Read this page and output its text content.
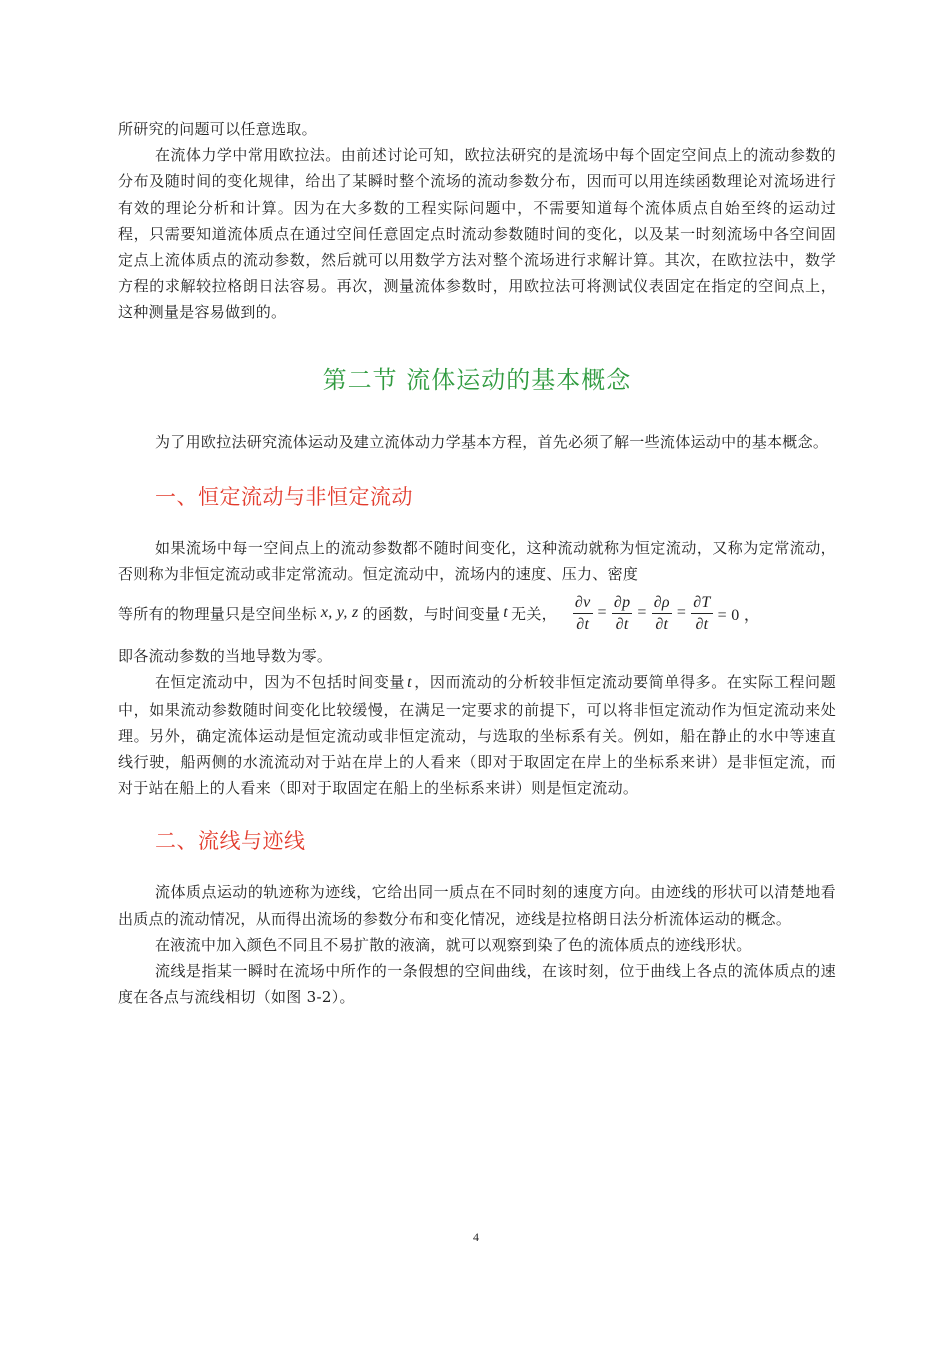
所研究的问题可以任意选取。

在流体力学中常用欧拉法。由前述讨论可知，欧拉法研究的是流场中每个固定空间点上的流动参数的分布及随时间的变化规律，给出了某瞬时整个流场的流动参数分布，因而可以用连续函数理论对流场进行有效的理论分析和计算。因为在大多数的工程实际问题中，不需要知道每个流体质点自始至终的运动过程，只需要知道流体质点在通过空间任意固定点时流动参数随时间的变化，以及某一时刻流场中各空间固定点上流体质点的流动参数，然后就可以用数学方法对整个流场进行求解计算。其次，在欧拉法中，数学方程的求解较拉格朗日法容易。再次，测量流体参数时，用欧拉法可将测试仪表固定在指定的空间点上，这种测量是容易做到的。

第二节 流体运动的基本概念

为了用欧拉法研究流体运动及建立流体动力学基本方程，首先必须了解一些流体运动中的基本概念。

一、恒定流动与非恒定流动

如果流场中每一空间点上的流动参数都不随时间变化，这种流动就称为恒定流动，又称为定常流动，否则称为非恒定流动或非定常流动。恒定流动中，流场内的速度、压力、密度

等所有的物理量只是空间坐标 x, y, z 的函数，与时间变量 t 无关， $\frac{\partial v}{\partial t} = \frac{\partial p}{\partial t} = \frac{\partial\rho}{\partial t} = \frac{\partial T}{\partial t} = 0$ ，

即各流动参数的当地导数为零。

在恒定流动中，因为不包括时间变量 t ，因而流动的分析较非恒定流动要简单得多。在实际工程问题中，如果流动参数随时间变化比较缓慢，在满足一定要求的前提下，可以将非恒定流动作为恒定流动来处理。另外，确定流体运动是恒定流动或非恒定流动，与选取的坐标系有关。例如，船在静止的水中等速直线行驶，船两侧的水流流动对于站在岸上的人看来（即对于取固定在岸上的坐标系来讲）是非恒定流，而对于站在船上的人看来（即对于取固定在船上的坐标系来讲）则是恒定流动。

二、流线与迹线

流体质点运动的轨迹称为迹线，它给出同一质点在不同时刻的速度方向。由迹线的形状可以清楚地看出质点的流动情况，从而得出流场的参数分布和变化情况，迹线是拉格朗日法分析流体运动的概念。

在液流中加入颜色不同且不易扩散的液滴，就可以观察到染了色的流体质点的迹线形状。

流线是指某一瞬时在流场中所作的一条假想的空间曲线，在该时刻，位于曲线上各点的流体质点的速度在各点与流线相切（如图 3-2）。

4
